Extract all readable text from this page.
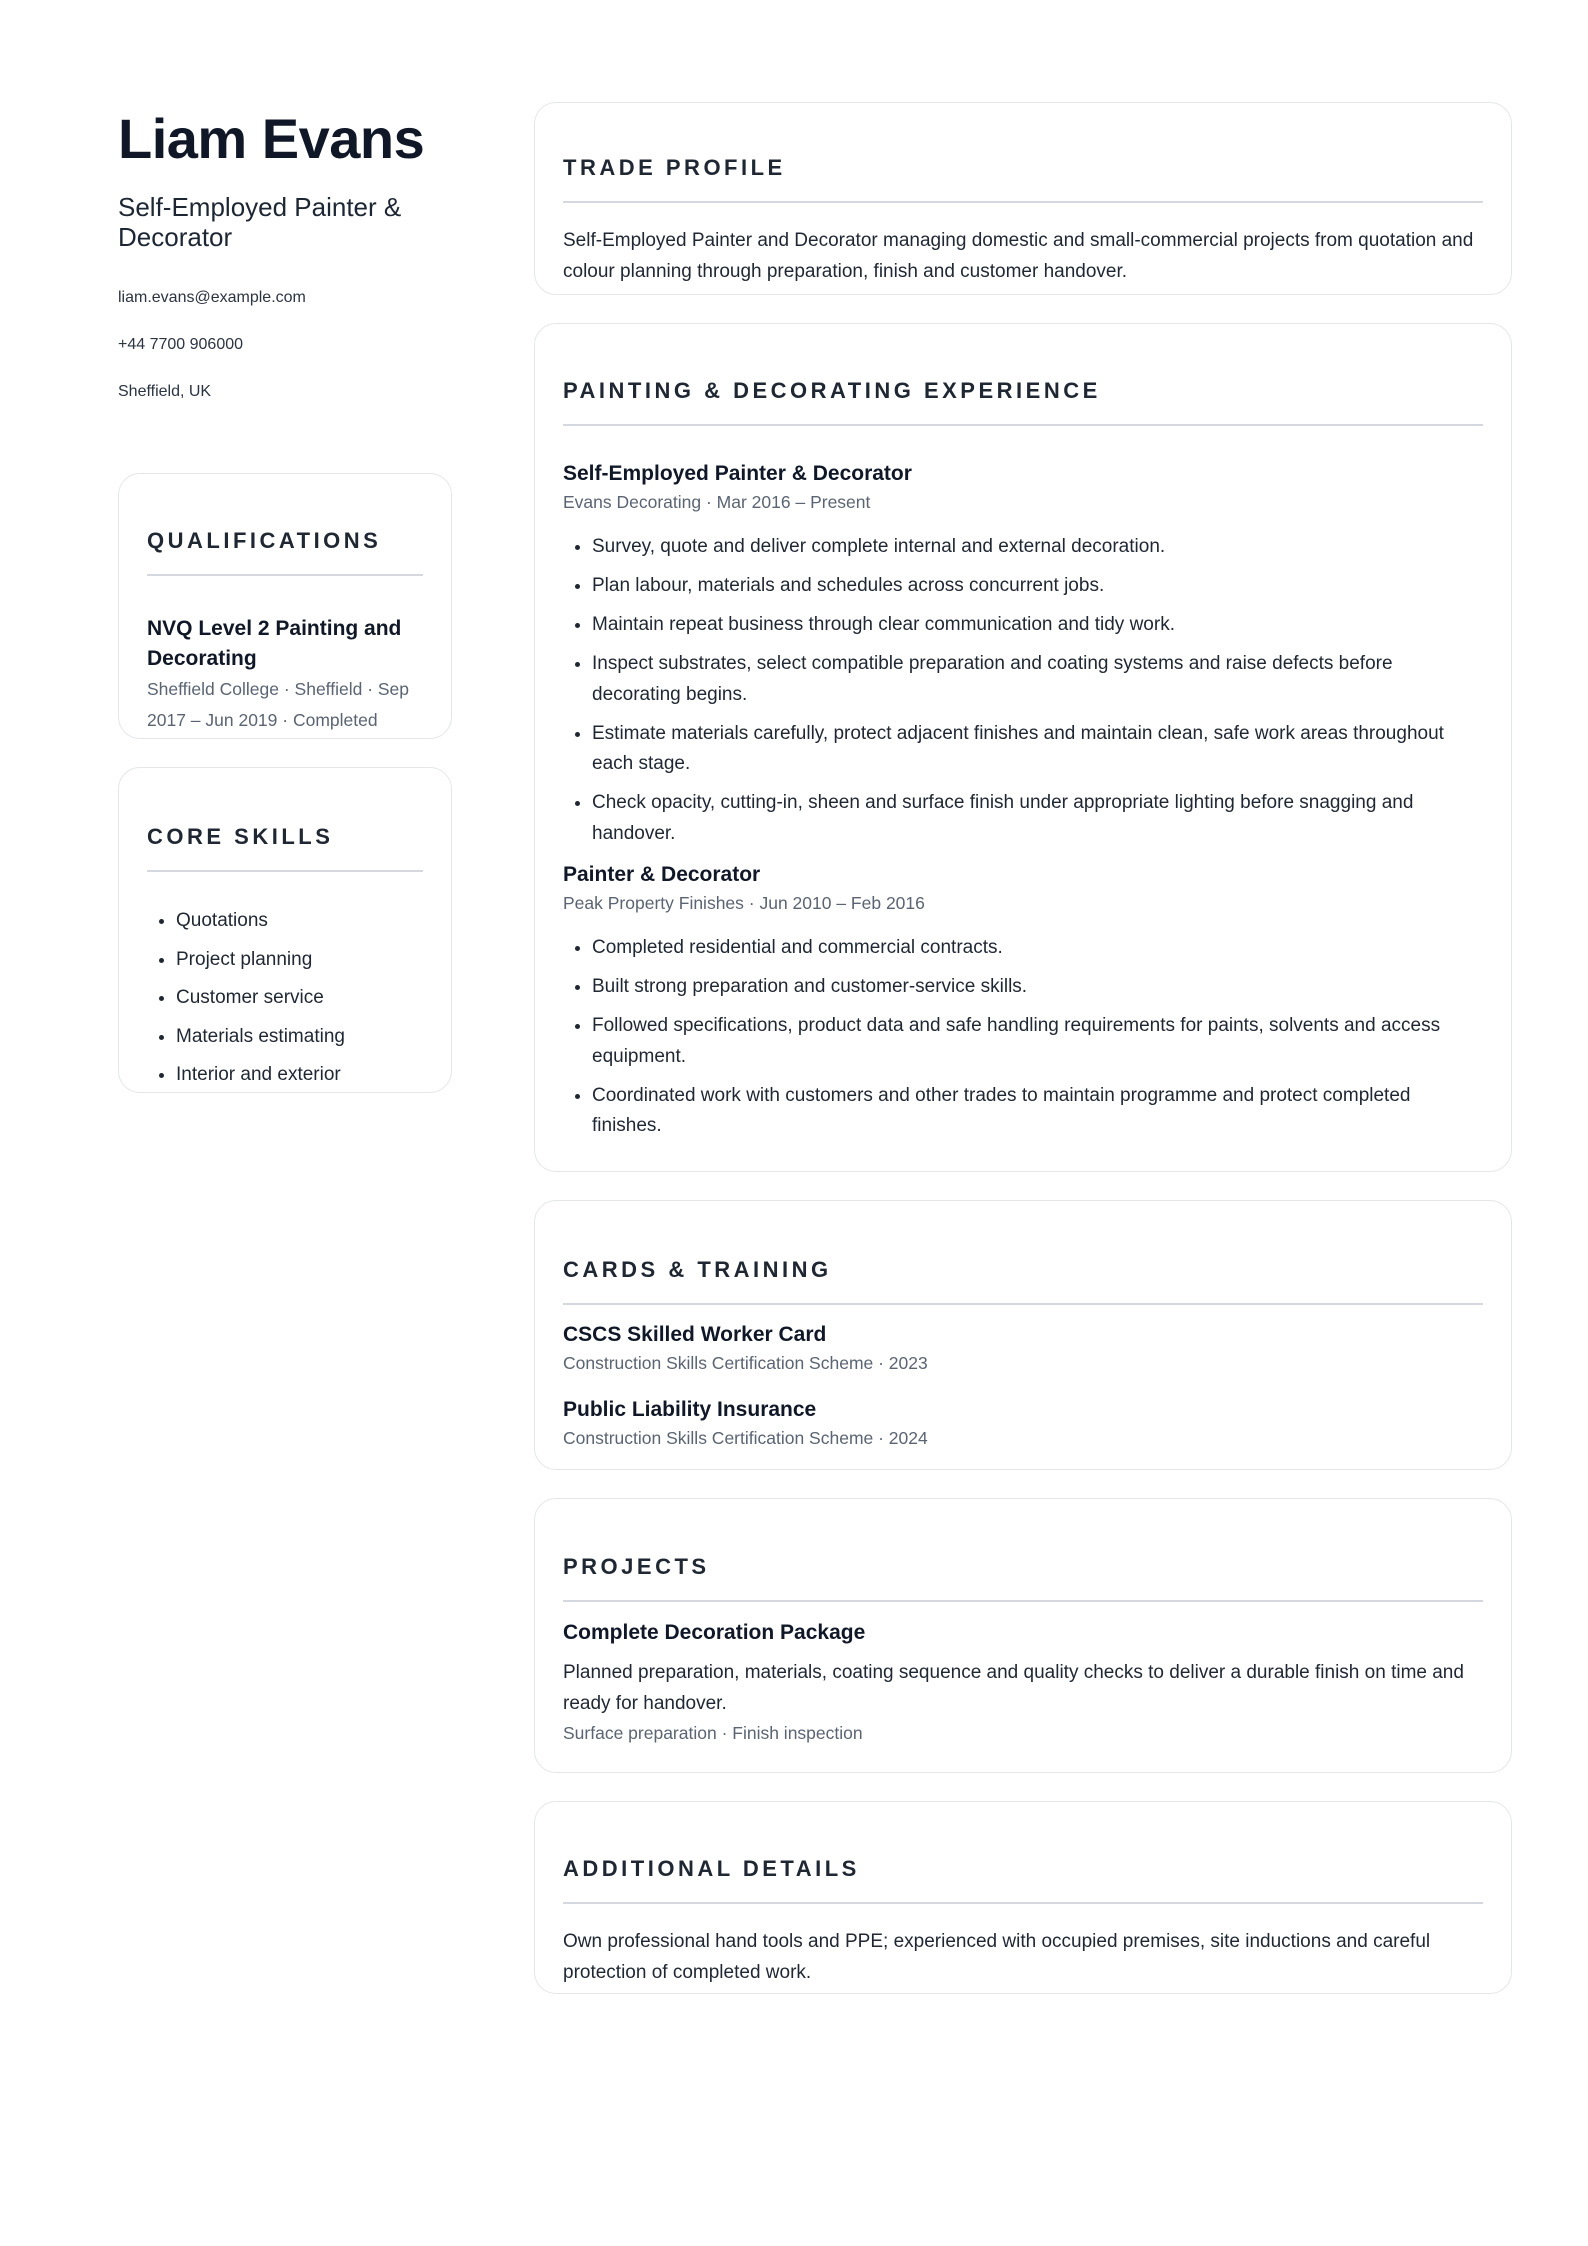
Liam Evans
Self-Employed Painter & Decorator
liam.evans@example.com
+44 7700 906000
Sheffield, UK
QUALIFICATIONS

NVQ Level 2 Painting and Decorating

Sheffield College · Sheffield · Sep 2017 – Jun 2019 · Completed

CORE SKILLS
• Quotations
• Project planning
• Customer service
• Materials estimating
• Interior and exterior
TRADE PROFILE

Self-Employed Painter and Decorator managing domestic and small-commercial projects from quotation and colour planning through preparation, finish and customer handover.

PAINTING & DECORATING EXPERIENCE

Self-Employed Painter & Decorator

Evans Decorating · Mar 2016 – Present

• Survey, quote and deliver complete internal and external decoration.
• Plan labour, materials and schedules across concurrent jobs.
• Maintain repeat business through clear communication and tidy work.
• Inspect substrates, select compatible preparation and coating systems and raise defects before decorating begins.
• Estimate materials carefully, protect adjacent finishes and maintain clean, safe work areas throughout each stage.
• Check opacity, cutting-in, sheen and surface finish under appropriate lighting before snagging and handover.

Painter & Decorator

Peak Property Finishes · Jun 2010 – Feb 2016

• Completed residential and commercial contracts.
• Built strong preparation and customer-service skills.
• Followed specifications, product data and safe handling requirements for paints, solvents and access equipment.
• Coordinated work with customers and other trades to maintain programme and protect completed finishes.
CARDS & TRAINING

CSCS Skilled Worker Card

Construction Skills Certification Scheme · 2023

Public Liability Insurance

Construction Skills Certification Scheme · 2024

PROJECTS

Complete Decoration Package

Planned preparation, materials, coating sequence and quality checks to deliver a durable finish on time and ready for handover.

Surface preparation · Finish inspection

ADDITIONAL DETAILS

Own professional hand tools and PPE; experienced with occupied premises, site inductions and careful protection of completed work.
